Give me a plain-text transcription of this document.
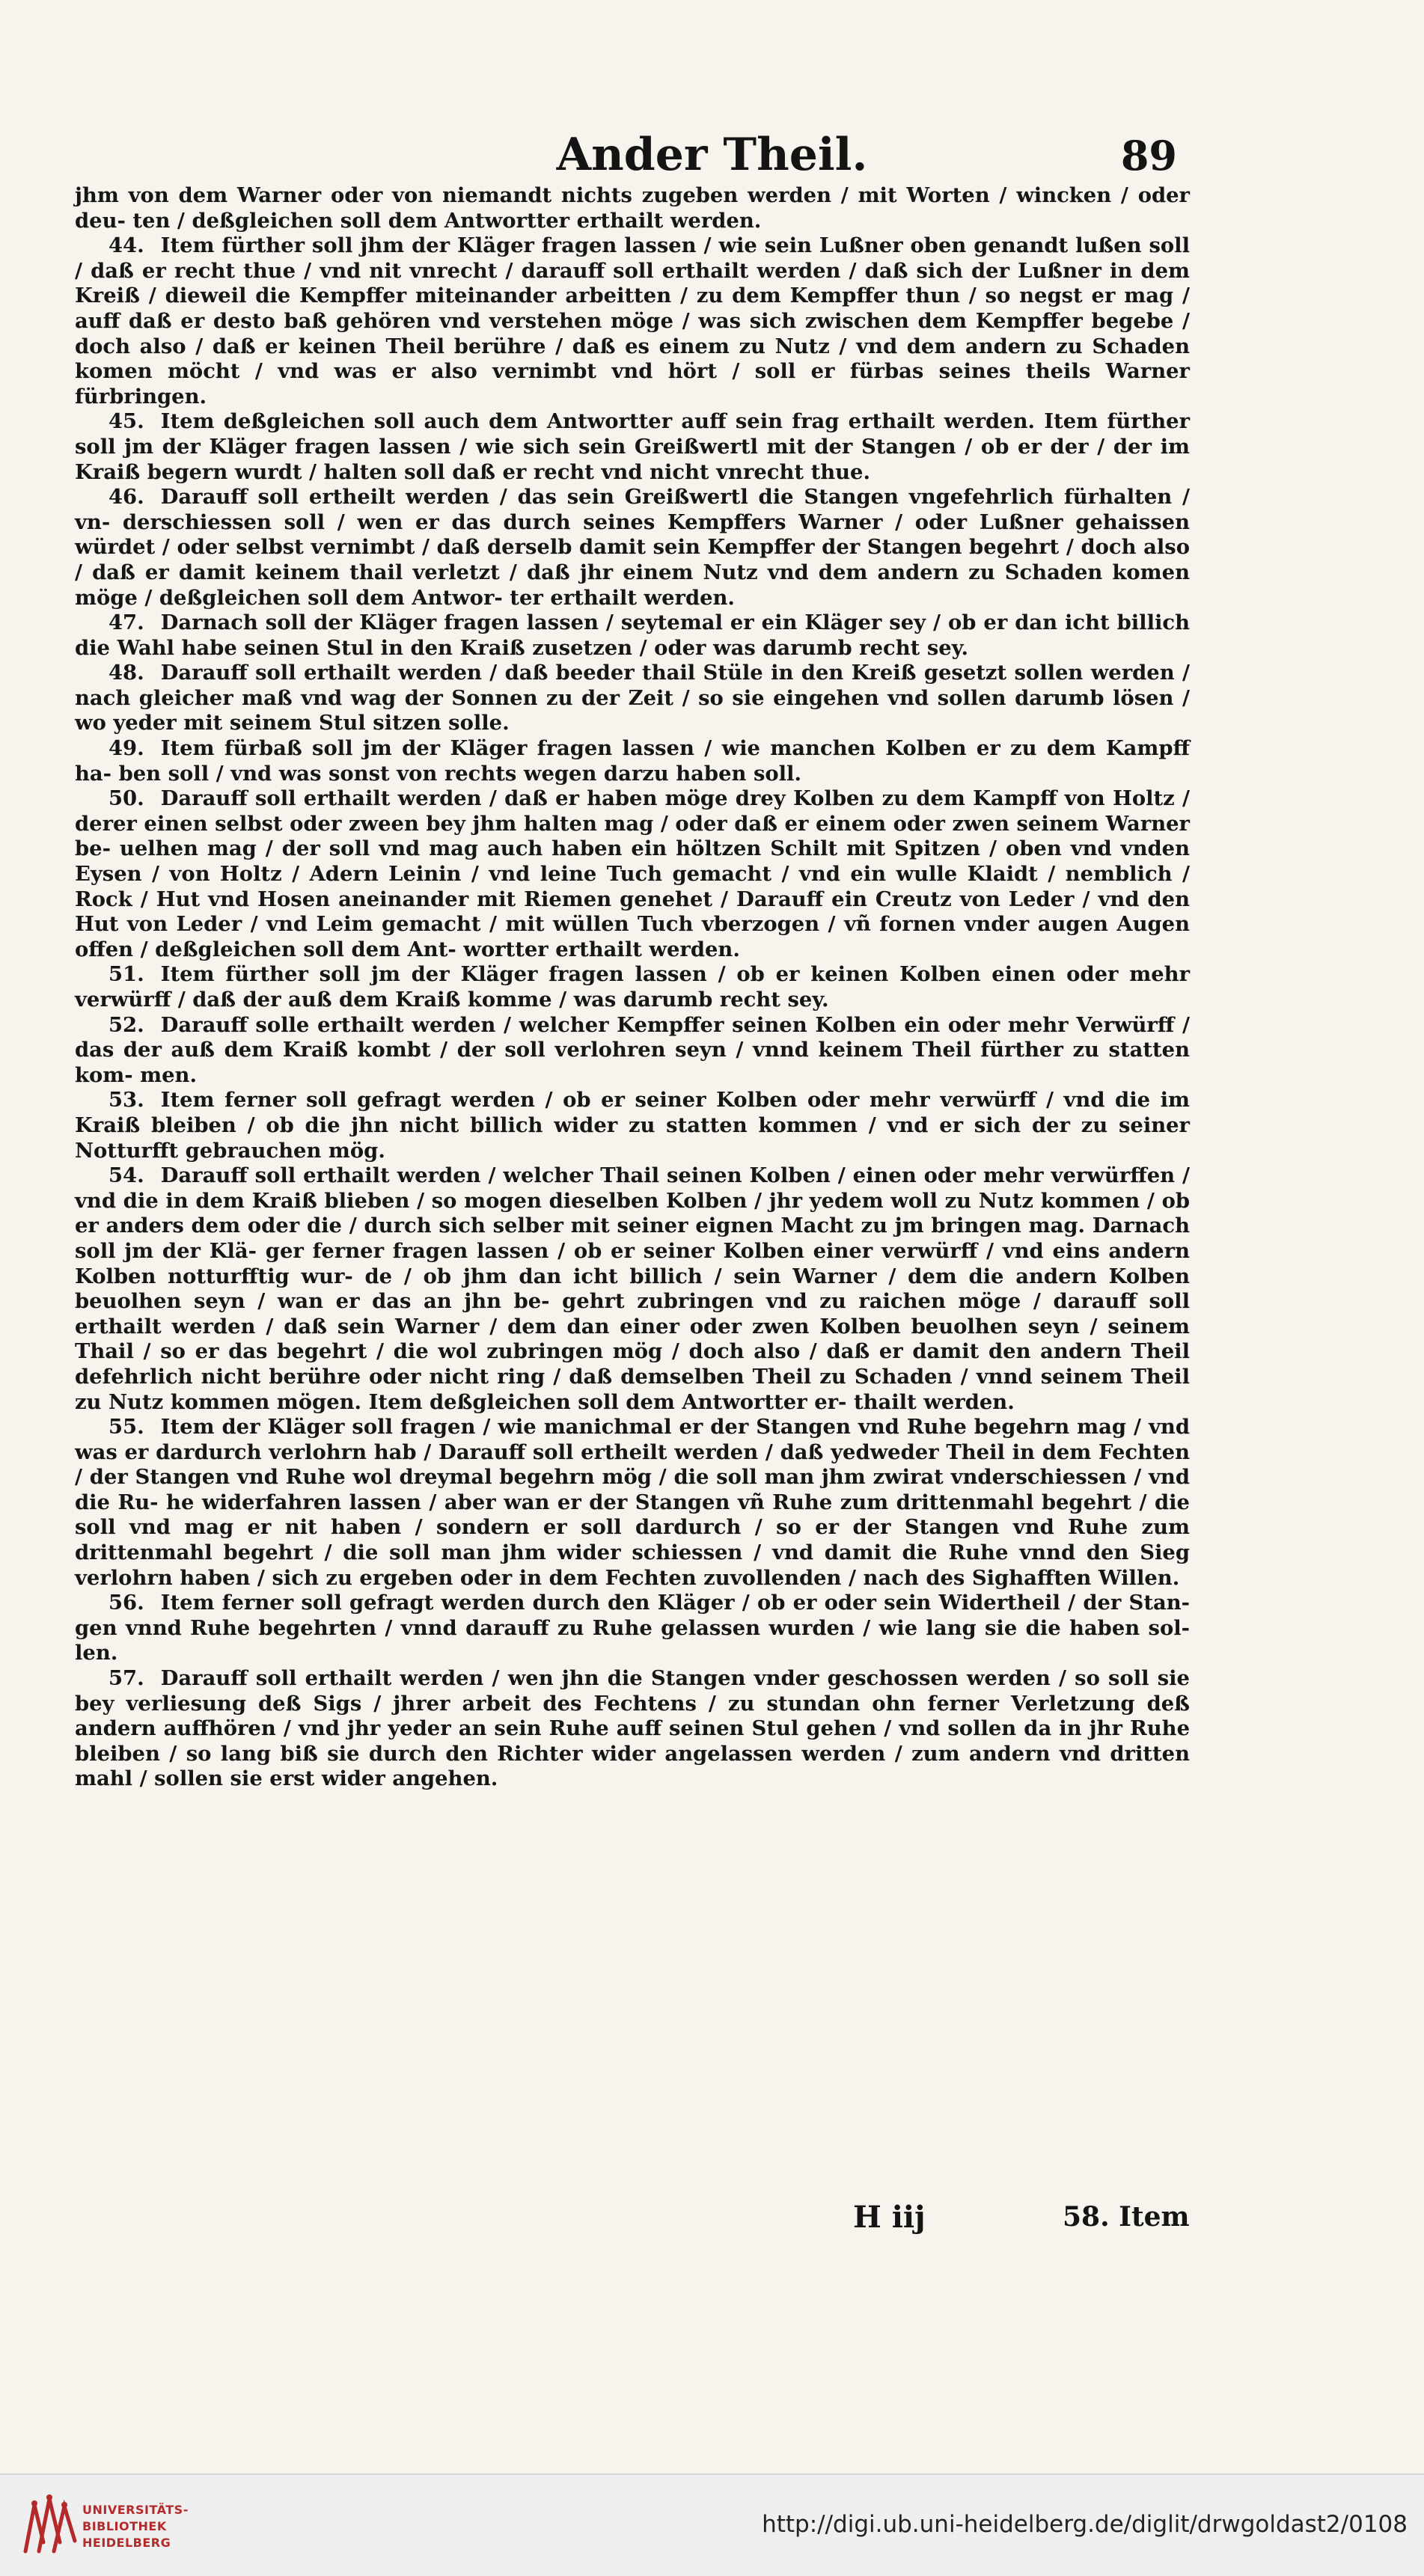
Ander Theil.	89

jhm von dem Warner oder von niemandt nichts zugeben werden / mit Worten / wincken / oder deu- ten / deßgleichen soll dem Antwortter erthailt werden.

44. Item fürther soll jhm der Kläger fragen lassen / wie sein Lußner oben genandt lußen soll / daß er recht thue / vnd nit vnrecht / darauff soll erthailt werden / daß sich der Lußner in dem Kreiß / dieweil die Kempffer miteinander arbeitten / zu dem Kempffer thun / so negst er mag / auff daß er desto baß gehören vnd verstehen möge / was sich zwischen dem Kempffer begebe / doch also / daß er keinen Theil berühre / daß es einem zu Nutz / vnd dem andern zu Schaden komen möcht / vnd was er also vernimbt vnd hört / soll er fürbas seines theils Warner fürbringen.

45. Item deßgleichen soll auch dem Antwortter auff sein frag erthailt werden. Item fürther soll jm der Kläger fragen lassen / wie sich sein Greißwertl mit der Stangen / ob er der / der im Kraiß begern wurdt / halten soll daß er recht vnd nicht vnrecht thue.

46. Darauff soll ertheilt werden / das sein Greißwertl die Stangen vngefehrlich fürhalten / vn- derschiessen soll / wen er das durch seines Kempffers Warner / oder Lußner gehaissen würdet / oder selbst vernimbt / daß derselb damit sein Kempffer der Stangen begehrt / doch also / daß er damit keinem thail verletzt / daß jhr einem Nutz vnd dem andern zu Schaden komen möge / deßgleichen soll dem Antwor- ter erthailt werden.

47. Darnach soll der Kläger fragen lassen / seytemal er ein Kläger sey / ob er dan icht billich die Wahl habe seinen Stul in den Kraiß zusetzen / oder was darumb recht sey.

48. Darauff soll erthailt werden / daß beeder thail Stüle in den Kreiß gesetzt sollen werden / nach gleicher maß vnd wag der Sonnen zu der Zeit / so sie eingehen vnd sollen darumb lösen / wo yeder mit seinem Stul sitzen solle.

49. Item fürbaß soll jm der Kläger fragen lassen / wie manchen Kolben er zu dem Kampff ha- ben soll / vnd was sonst von rechts wegen darzu haben soll.

50. Darauff soll erthailt werden / daß er haben möge drey Kolben zu dem Kampff von Holtz / derer einen selbst oder zween bey jhm halten mag / oder daß er einem oder zwen seinem Warner be- uelhen mag / der soll vnd mag auch haben ein höltzen Schilt mit Spitzen / oben vnd vnden Eysen / von Holtz / Adern Leinin / vnd leine Tuch gemacht / vnd ein wulle Klaidt / nemblich / Rock / Hut vnd Hosen aneinander mit Riemen genehet / Darauff ein Creutz von Leder / vnd den Hut von Leder / vnd Leim gemacht / mit wüllen Tuch vberzogen / vñ fornen vnder augen Augen offen / deßgleichen soll dem Ant- wortter erthailt werden.

51. Item fürther soll jm der Kläger fragen lassen / ob er keinen Kolben einen oder mehr verwürff / daß der auß dem Kraiß komme / was darumb recht sey.

52. Darauff solle erthailt werden / welcher Kempffer seinen Kolben ein oder mehr Verwürff / das der auß dem Kraiß kombt / der soll verlohren seyn / vnnd keinem Theil fürther zu statten kom- men.

53. Item ferner soll gefragt werden / ob er seiner Kolben oder mehr verwürff / vnd die im Kraiß bleiben / ob die jhn nicht billich wider zu statten kommen / vnd er sich der zu seiner Notturfft gebrauchen mög.

54. Darauff soll erthailt werden / welcher Thail seinen Kolben / einen oder mehr verwürffen / vnd die in dem Kraiß blieben / so mogen dieselben Kolben / jhr yedem woll zu Nutz kommen / ob er anders dem oder die / durch sich selber mit seiner eignen Macht zu jm bringen mag. Darnach soll jm der Klä- ger ferner fragen lassen / ob er seiner Kolben einer verwürff / vnd eins andern Kolben notturfftig wur- de / ob jhm dan icht billich / sein Warner / dem die andern Kolben beuolhen seyn / wan er das an jhn be- gehrt zubringen vnd zu raichen möge / darauff soll erthailt werden / daß sein Warner / dem dan einer oder zwen Kolben beuolhen seyn / seinem Thail / so er das begehrt / die wol zubringen mög / doch also / daß er damit den andern Theil defehrlich nicht berühre oder nicht ring / daß demselben Theil zu Schaden / vnnd seinem Theil zu Nutz kommen mögen. Item deßgleichen soll dem Antwortter er- thailt werden.

55. Item der Kläger soll fragen / wie manichmal er der Stangen vnd Ruhe begehrn mag / vnd was er dardurch verlohrn hab / Darauff soll ertheilt werden / daß yedweder Theil in dem Fechten / der Stangen vnd Ruhe wol dreymal begehrn mög / die soll man jhm zwirat vnderschiessen / vnd die Ru- he widerfahren lassen / aber wan er der Stangen vñ Ruhe zum drittenmahl begehrt / die soll vnd mag er nit haben / sondern er soll dardurch / so er der Stangen vnd Ruhe zum drittenmahl begehrt / die soll man jhm wider schiessen / vnd damit die Ruhe vnnd den Sieg verlohrn haben / sich zu ergeben oder in dem Fechten zuvollenden / nach des Sighafften Willen.

56. Item ferner soll gefragt werden durch den Kläger / ob er oder sein Widertheil / der Stan- gen vnnd Ruhe begehrten / vnnd darauff zu Ruhe gelassen wurden / wie lang sie die haben sol- len.

57. Darauff soll erthailt werden / wen jhn die Stangen vnder geschossen werden / so soll sie bey verliesung deß Sigs / jhrer arbeit des Fechtens / zu stundan ohn ferner Verletzung deß andern auffhören / vnd jhr yeder an sein Ruhe auff seinen Stul gehen / vnd sollen da in jhr Ruhe bleiben / so lang biß sie durch den Richter wider angelassen werden / zum andern vnd dritten mahl / sollen sie erst wider angehen.

H iij	58. Item
UNIVERSITÄTS-
BIBLIOTHEK
HEIDELBERG
http://digi.ub.uni-heidelberg.de/diglit/drwgoldast2/0108
